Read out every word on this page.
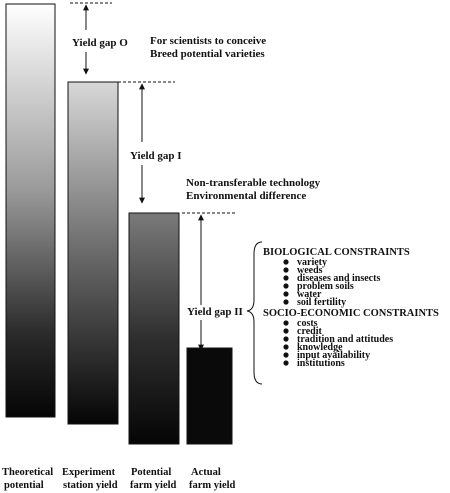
Yield gap O
Yield gap I
Yield gap II
For scientists to conceive
Breed potential varieties
Non-transferable technology
Environmental difference
BIOLOGICAL CONSTRAINTS
variety
weeds
diseases and insects
problem soils
water
soil fertility
SOCIO-ECONOMIC CONSTRAINTS
costs
credit
tradition and attitudes
knowledge
input availability
institutions
Theoretical
potential
Experiment
station yield
Potential
farm yield
Actual
farm yield
